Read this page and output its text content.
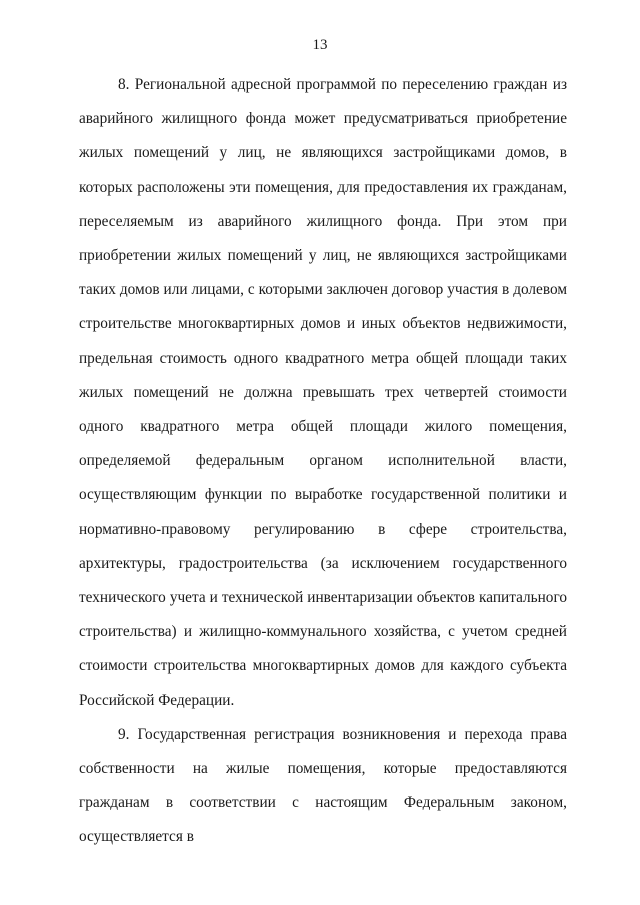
13

8. Региональной адресной программой по переселению граждан из аварийного жилищного фонда может предусматриваться приобретение жилых помещений у лиц, не являющихся застройщиками домов, в которых расположены эти помещения, для предоставления их гражданам, переселяемым из аварийного жилищного фонда. При этом при приобретении жилых помещений у лиц, не являющихся застройщиками таких домов или лицами, с которыми заключен договор участия в долевом строительстве многоквартирных домов и иных объектов недвижимости, предельная стоимость одного квадратного метра общей площади таких жилых помещений не должна превышать трех четвертей стоимости одного квадратного метра общей площади жилого помещения, определяемой федеральным органом исполнительной власти, осуществляющим функции по выработке государственной политики и нормативно-правовому регулированию в сфере строительства, архитектуры, градостроительства (за исключением государственного технического учета и технической инвентаризации объектов капитального строительства) и жилищно-коммунального хозяйства, с учетом средней стоимости строительства многоквартирных домов для каждого субъекта Российской Федерации.

9. Государственная регистрация возникновения и перехода права собственности на жилые помещения, которые предоставляются гражданам в соответствии с настоящим Федеральным законом, осуществляется в
